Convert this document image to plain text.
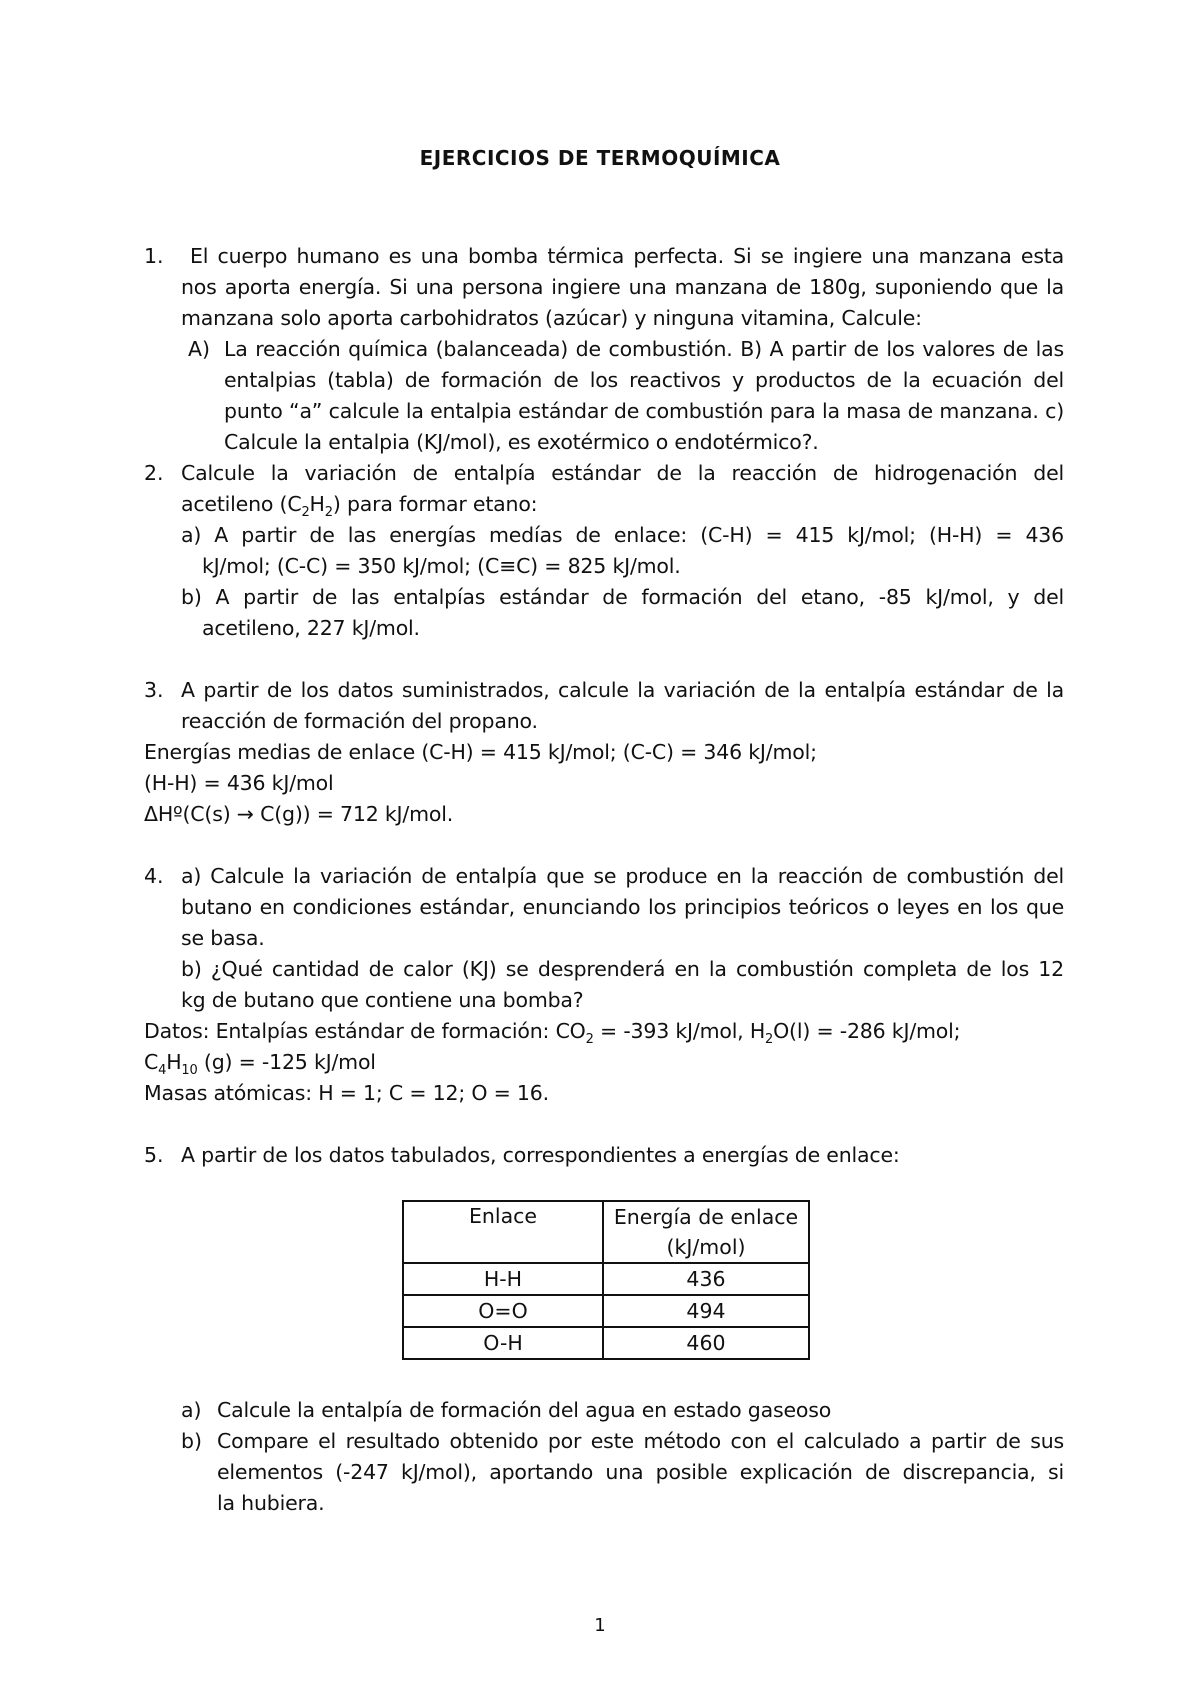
EJERCICIOS DE TERMOQUÍMICA
1. El cuerpo humano es una bomba térmica perfecta. Si se ingiere una manzana esta
nos aporta energía. Si una persona ingiere una manzana de 180g, suponiendo que la
manzana solo aporta carbohidratos (azúcar) y ninguna vitamina, Calcule:
A) La reacción química (balanceada) de combustión. B) A partir de los valores de las
entalpias (tabla) de formación de los reactivos y productos de la ecuación del
punto “a” calcule la entalpia estándar de combustión para la masa de manzana. c)
Calcule la entalpia (KJ/mol), es exotérmico o endotérmico?.
2. Calcule la variación de entalpía estándar de la reacción de hidrogenación del
acetileno $(C_2H_2)$ para formar etano:
a) A partir de las energías medías de enlace: (C-H) = 415 kJ/mol; (H-H) = 436
kJ/mol; (C-C) = 350 kJ/mol; (C≡C) = 825 kJ/mol.
b) A partir de las entalpías estándar de formación del etano, -85 kJ/mol, y del
acetileno, 227 kJ/mol.
3. A partir de los datos suministrados, calcule la variación de la entalpía estándar de la
reacción de formación del propano.
Energías medias de enlace (C-H) = 415 kJ/mol; (C-C) = 346 kJ/mol;
(H-H) = 436 kJ/mol
ΔHº(C(s) → C(g)) = 712 kJ/mol.
4. a) Calcule la variación de entalpía que se produce en la reacción de combustión del
butano en condiciones estándar, enunciando los principios teóricos o leyes en los que
se basa.
b) ¿Qué cantidad de calor (KJ) se desprenderá en la combustión completa de los 12
kg de butano que contiene una bomba?
Datos: Entalpías estándar de formación: $CO_2 = -393$ kJ/mol, $H_2O(l) = -286$ kJ/mol;
$C_4H_{10}$ (g) = -125 kJ/mol
Masas atómicas: H = 1; C = 12; O = 16.
5. A partir de los datos tabulados, correspondientes a energías de enlace:
Enlace	Energía de enlace
(kJ/mol)
H-H	436
O=O	494
O-H	460
a) Calcule la entalpía de formación del agua en estado gaseoso
b) Compare el resultado obtenido por este método con el calculado a partir de sus
elementos (-247 kJ/mol), aportando una posible explicación de discrepancia, si
la hubiera.
1
